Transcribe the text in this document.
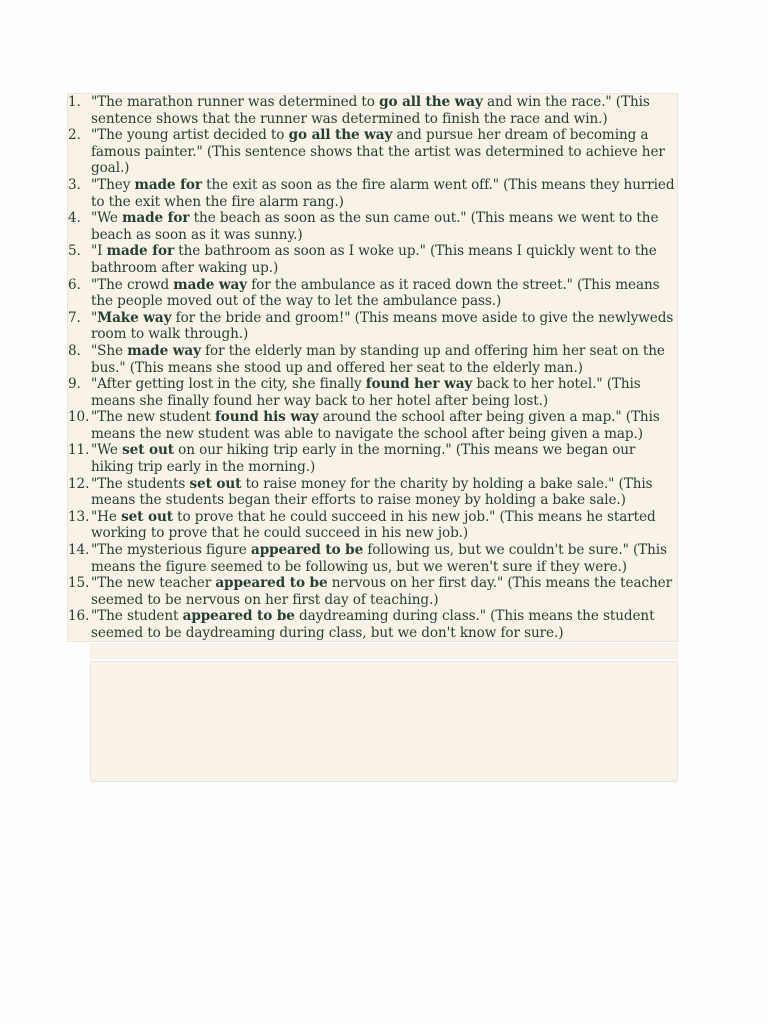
1. "The marathon runner was determined to go all the way and win the race." (This sentence shows that the runner was determined to finish the race and win.)
2. "The young artist decided to go all the way and pursue her dream of becoming a famous painter." (This sentence shows that the artist was determined to achieve her goal.)
3. "They made for the exit as soon as the fire alarm went off." (This means they hurried to the exit when the fire alarm rang.)
4. "We made for the beach as soon as the sun came out." (This means we went to the beach as soon as it was sunny.)
5. "I made for the bathroom as soon as I woke up." (This means I quickly went to the bathroom after waking up.)
6. "The crowd made way for the ambulance as it raced down the street." (This means the people moved out of the way to let the ambulance pass.)
7. "Make way for the bride and groom!" (This means move aside to give the newlyweds room to walk through.)
8. "She made way for the elderly man by standing up and offering him her seat on the bus." (This means she stood up and offered her seat to the elderly man.)
9. "After getting lost in the city, she finally found her way back to her hotel." (This means she finally found her way back to her hotel after being lost.)
10. "The new student found his way around the school after being given a map." (This means the new student was able to navigate the school after being given a map.)
11. "We set out on our hiking trip early in the morning." (This means we began our hiking trip early in the morning.)
12. "The students set out to raise money for the charity by holding a bake sale." (This means the students began their efforts to raise money by holding a bake sale.)
13. "He set out to prove that he could succeed in his new job." (This means he started working to prove that he could succeed in his new job.)
14. "The mysterious figure appeared to be following us, but we couldn't be sure." (This means the figure seemed to be following us, but we weren't sure if they were.)
15. "The new teacher appeared to be nervous on her first day." (This means the teacher seemed to be nervous on her first day of teaching.)
16. "The student appeared to be daydreaming during class." (This means the student seemed to be daydreaming during class, but we don't know for sure.)
